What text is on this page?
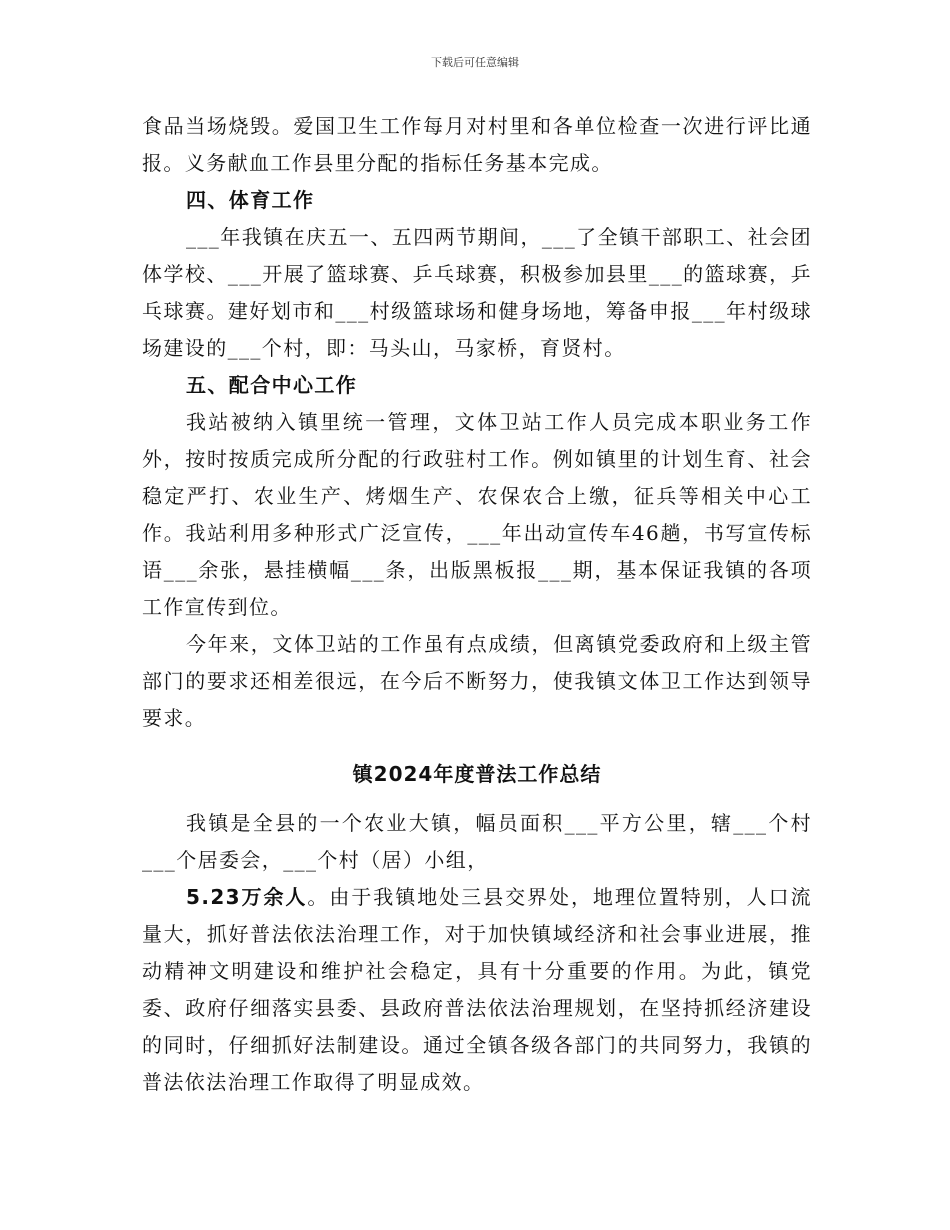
下载后可任意编辑

食品当场烧毁。爱国卫生工作每月对村里和各单位检查一次进行评比通报。义务献血工作县里分配的指标任务基本完成。

四、体育工作

___年我镇在庆五一、五四两节期间，___了全镇干部职工、社会团体学校、___开展了篮球赛、乒乓球赛，积极参加县里___的篮球赛，乒乓球赛。建好划市和___村级篮球场和健身场地，筹备申报___年村级球场建设的___个村，即：马头山，马家桥，育贤村。

五、配合中心工作

我站被纳入镇里统一管理，文体卫站工作人员完成本职业务工作外，按时按质完成所分配的行政驻村工作。例如镇里的计划生育、社会稳定严打、农业生产、烤烟生产、农保农合上缴，征兵等相关中心工作。我站利用多种形式广泛宣传，___年出动宣传车46趟，书写宣传标语___余张，悬挂横幅___条，出版黑板报___期，基本保证我镇的各项工作宣传到位。

今年来，文体卫站的工作虽有点成绩，但离镇党委政府和上级主管部门的要求还相差很远，在今后不断努力，使我镇文体卫工作达到领导要求。

镇2024年度普法工作总结

我镇是全县的一个农业大镇，幅员面积___平方公里，辖___个村___个居委会，___个村（居）小组，

5.23万余人。由于我镇地处三县交界处，地理位置特别，人口流量大，抓好普法依法治理工作，对于加快镇域经济和社会事业进展，推动精神文明建设和维护社会稳定，具有十分重要的作用。为此，镇党委、政府仔细落实县委、县政府普法依法治理规划，在坚持抓经济建设的同时，仔细抓好法制建设。通过全镇各级各部门的共同努力，我镇的普法依法治理工作取得了明显成效。
